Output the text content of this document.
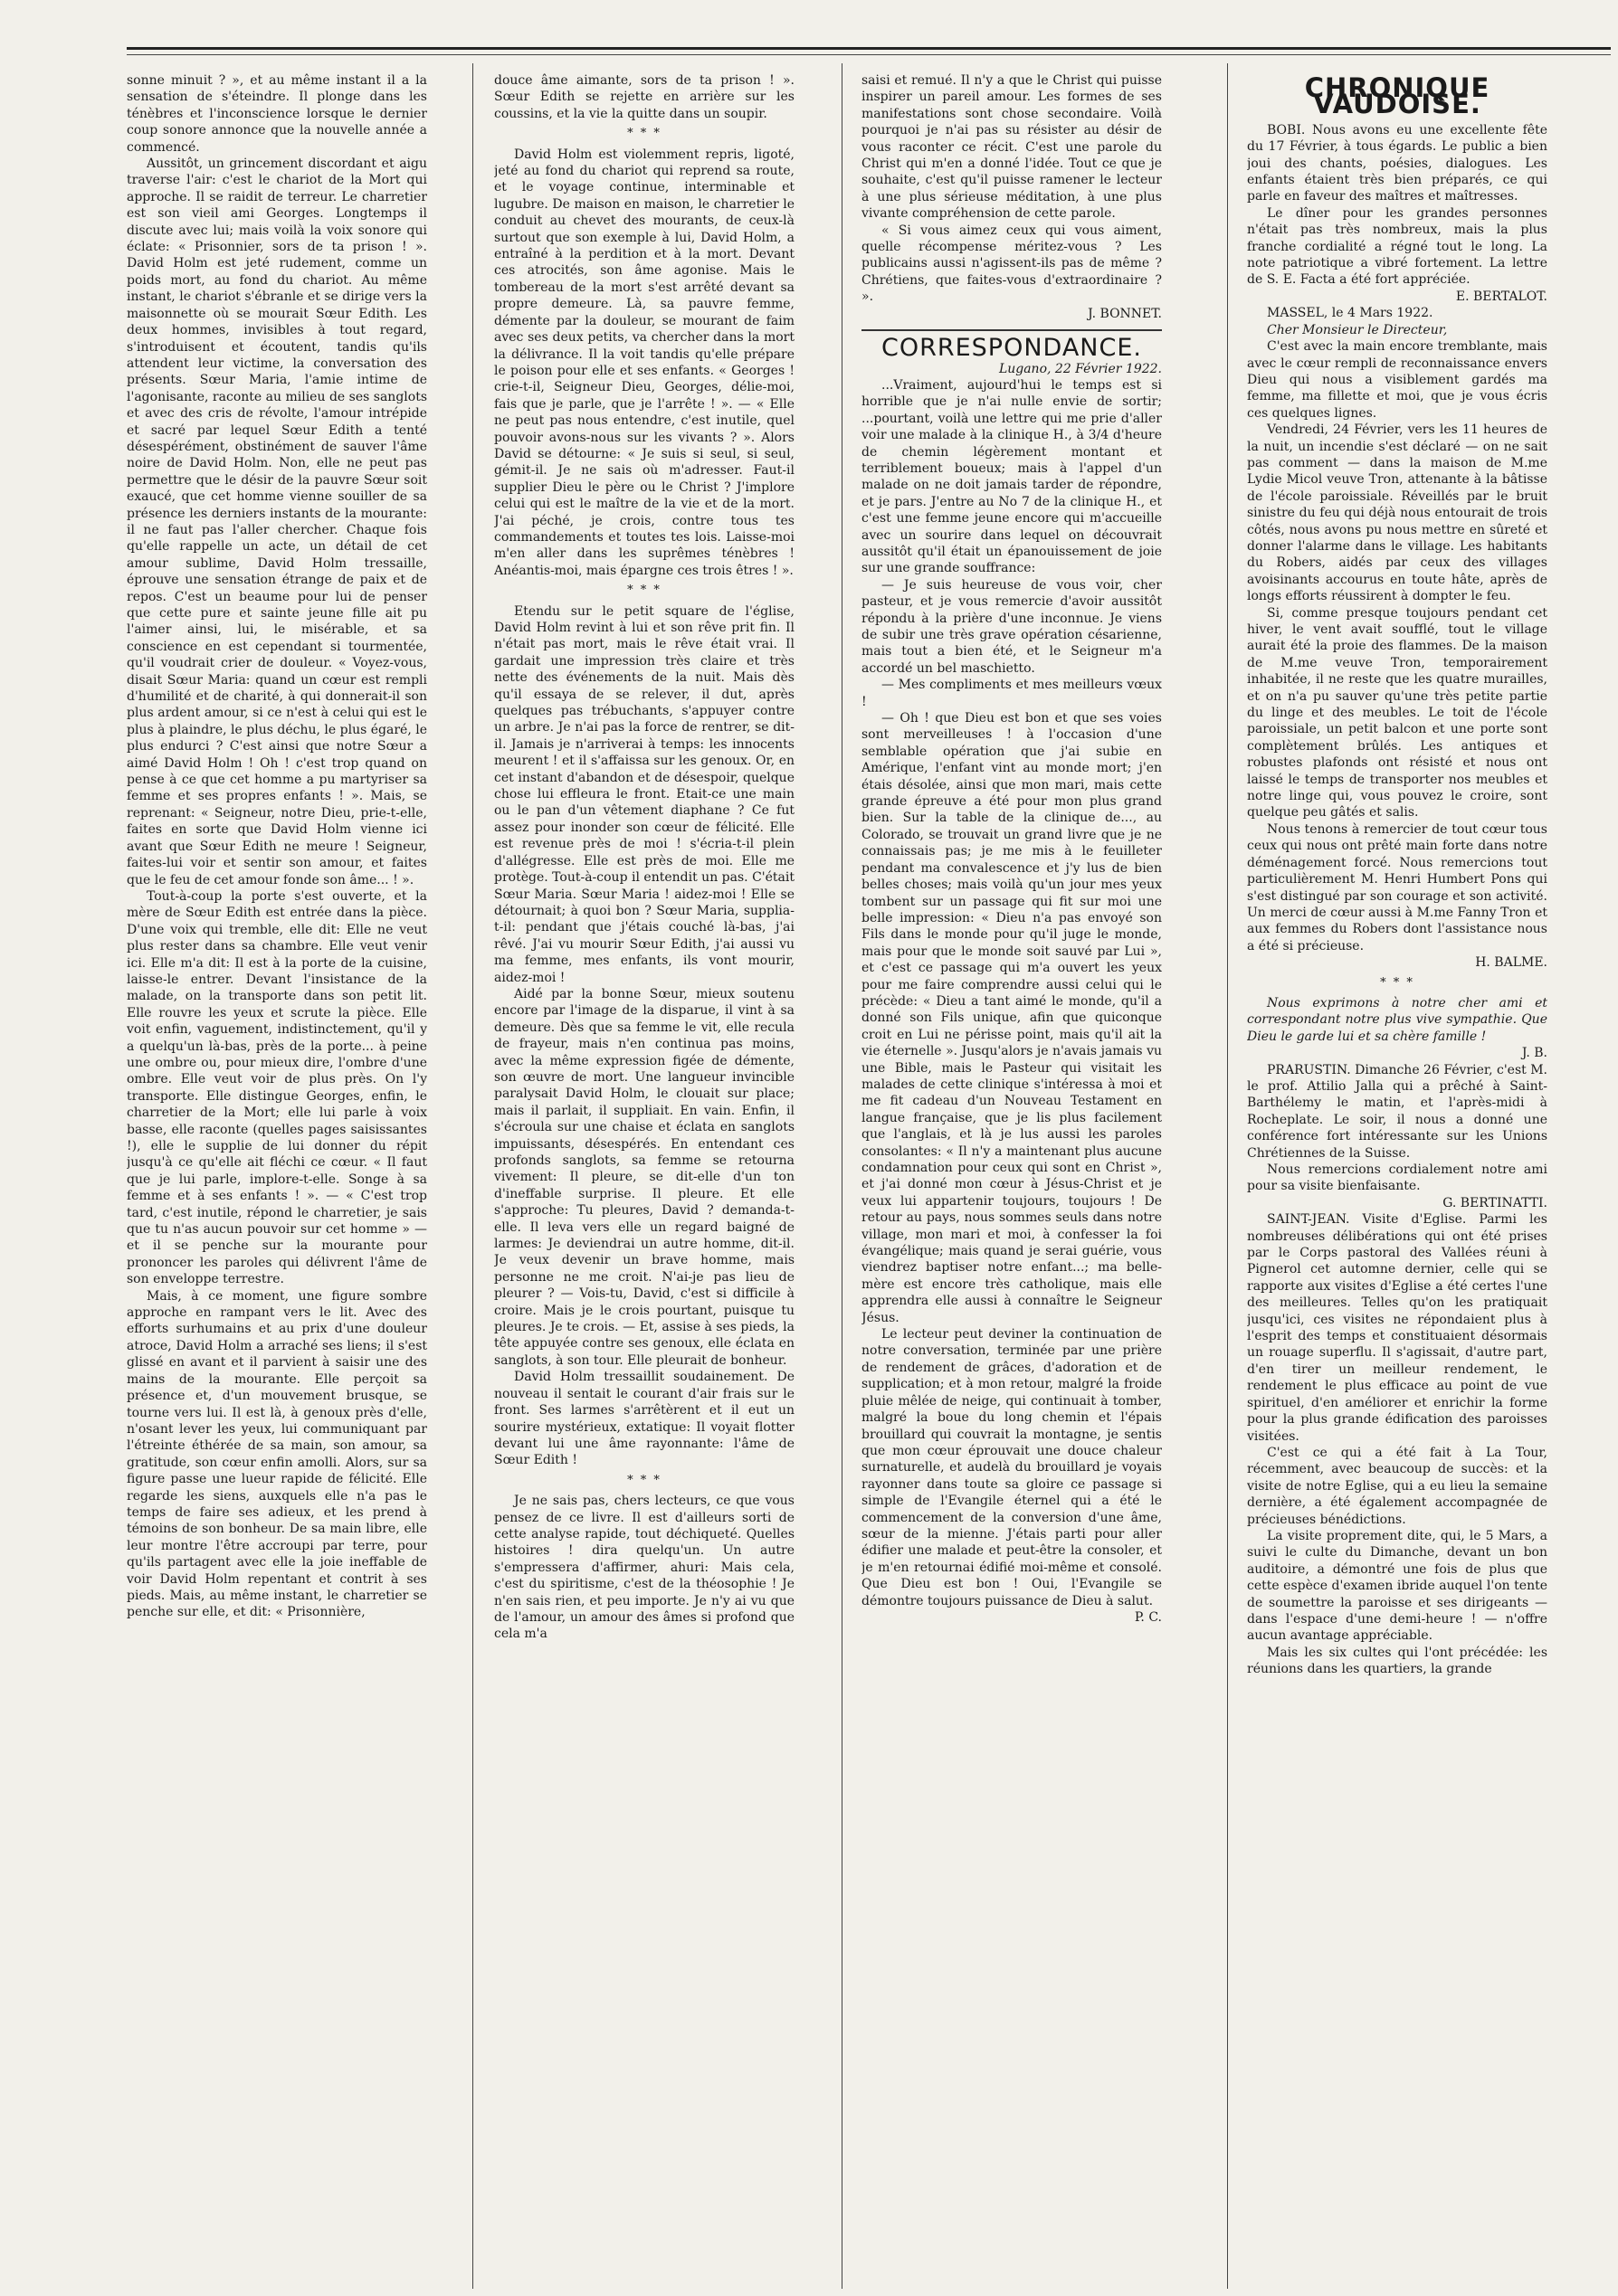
sonne minuit ? », et au même instant il a la sensation de s'éteindre. Il plonge dans les ténèbres et l'inconscience lorsque le dernier coup sonore annonce que la nouvelle année a commencé.

Aussitôt, un grincement discordant et aigu traverse l'air: c'est le chariot de la Mort qui approche. Il se raidit de terreur. Le charretier est son vieil ami Georges. Longtemps il discute avec lui; mais voilà la voix sonore qui éclate: « Prisonnier, sors de ta prison ! ». David Holm est jeté rudement, comme un poids mort, au fond du chariot. Au même instant, le chariot s'ébranle et se dirige vers la maisonnette où se mourait Sœur Edith. Les deux hommes, invisibles à tout regard, s'introduisent et écoutent, tandis qu'ils attendent leur victime, la conversation des présents. Sœur Maria, l'amie intime de l'agonisante, raconte au milieu de ses sanglots et avec des cris de révolte, l'amour intrépide et sacré par lequel Sœur Edith a tenté désespérément, obstinément de sauver l'âme noire de David Holm. Non, elle ne peut pas permettre que le désir de la pauvre Sœur soit exaucé, que cet homme vienne souiller de sa présence les derniers instants de la mourante: il ne faut pas l'aller chercher. Chaque fois qu'elle rappelle un acte, un détail de cet amour sublime, David Holm tressaille, éprouve une sensation étrange de paix et de repos. C'est un beaume pour lui de penser que cette pure et sainte jeune fille ait pu l'aimer ainsi, lui, le misérable, et sa conscience en est cependant si tourmentée, qu'il voudrait crier de douleur. « Voyez-vous, disait Sœur Maria: quand un cœur est rempli d'humilité et de charité, à qui donnerait-il son plus ardent amour, si ce n'est à celui qui est le plus à plaindre, le plus déchu, le plus égaré, le plus endurci ? C'est ainsi que notre Sœur a aimé David Holm ! Oh ! c'est trop quand on pense à ce que cet homme a pu martyriser sa femme et ses propres enfants ! ». Mais, se reprenant: « Seigneur, notre Dieu, prie-t-elle, faites en sorte que David Holm vienne ici avant que Sœur Edith ne meure ! Seigneur, faites-lui voir et sentir son amour, et faites que le feu de cet amour fonde son âme... ! ».

Tout-à-coup la porte s'est ouverte, et la mère de Sœur Edith est entrée dans la pièce. D'une voix qui tremble, elle dit: Elle ne veut plus rester dans sa chambre. Elle veut venir ici. Elle m'a dit: Il est à la porte de la cuisine, laisse-le entrer. Devant l'insistance de la malade, on la transporte dans son petit lit. Elle rouvre les yeux et scrute la pièce. Elle voit enfin, vaguement, indistinctement, qu'il y a quelqu'un là-bas, près de la porte... à peine une ombre ou, pour mieux dire, l'ombre d'une ombre. Elle veut voir de plus près. On l'y transporte. Elle distingue Georges, enfin, le charretier de la Mort; elle lui parle à voix basse, elle raconte (quelles pages saisissantes !), elle le supplie de lui donner du répit jusqu'à ce qu'elle ait fléchi ce cœur. « Il faut que je lui parle, implore-t-elle. Songe à sa femme et à ses enfants ! ». — « C'est trop tard, c'est inutile, répond le charretier, je sais que tu n'as aucun pouvoir sur cet homme » — et il se penche sur la mourante pour prononcer les paroles qui délivrent l'âme de son enveloppe terrestre.

Mais, à ce moment, une figure sombre approche en rampant vers le lit. Avec des efforts surhumains et au prix d'une douleur atroce, David Holm a arraché ses liens; il s'est glissé en avant et il parvient à saisir une des mains de la mourante. Elle perçoit sa présence et, d'un mouvement brusque, se tourne vers lui. Il est là, à genoux près d'elle, n'osant lever les yeux, lui communiquant par l'étreinte éthérée de sa main, son amour, sa gratitude, son cœur enfin amolli. Alors, sur sa figure passe une lueur rapide de félicité. Elle regarde les siens, auxquels elle n'a pas le temps de faire ses adieux, et les prend à témoins de son bonheur. De sa main libre, elle leur montre l'être accroupi par terre, pour qu'ils partagent avec elle la joie ineffable de voir David Holm repentant et contrit à ses pieds. Mais, au même instant, le charretier se penche sur elle, et dit: « Prisonnière,

douce âme aimante, sors de ta prison ! ». Sœur Edith se rejette en arrière sur les coussins, et la vie la quitte dans un soupir.

* * *

David Holm est violemment repris, ligoté, jeté au fond du chariot qui reprend sa route, et le voyage continue, interminable et lugubre. De maison en maison, le charretier le conduit au chevet des mourants, de ceux-là surtout que son exemple à lui, David Holm, a entraîné à la perdition et à la mort. Devant ces atrocités, son âme agonise. Mais le tombereau de la mort s'est arrêté devant sa propre demeure. Là, sa pauvre femme, démente par la douleur, se mourant de faim avec ses deux petits, va chercher dans la mort la délivrance. Il la voit tandis qu'elle prépare le poison pour elle et ses enfants. « Georges ! crie-t-il, Seigneur Dieu, Georges, délie-moi, fais que je parle, que je l'arrête ! ». — « Elle ne peut pas nous entendre, c'est inutile, quel pouvoir avons-nous sur les vivants ? ». Alors David se détourne: « Je suis si seul, si seul, gémit-il. Je ne sais où m'adresser. Faut-il supplier Dieu le père ou le Christ ? J'implore celui qui est le maître de la vie et de la mort. J'ai péché, je crois, contre tous tes commandements et toutes tes lois. Laisse-moi m'en aller dans les suprêmes ténèbres ! Anéantis-moi, mais épargne ces trois êtres ! ».

* * *

Etendu sur le petit square de l'église, David Holm revint à lui et son rêve prit fin. Il n'était pas mort, mais le rêve était vrai. Il gardait une impression très claire et très nette des événements de la nuit. Mais dès qu'il essaya de se relever, il dut, après quelques pas trébuchants, s'appuyer contre un arbre. Je n'ai pas la force de rentrer, se dit-il. Jamais je n'arriverai à temps: les innocents meurent ! et il s'affaissa sur les genoux. Or, en cet instant d'abandon et de désespoir, quelque chose lui effleura le front. Etait-ce une main ou le pan d'un vêtement diaphane ? Ce fut assez pour inonder son cœur de félicité. Elle est revenue près de moi ! s'écria-t-il plein d'allégresse. Elle est près de moi. Elle me protège. Tout-à-coup il entendit un pas. C'était Sœur Maria. Sœur Maria ! aidez-moi ! Elle se détournait; à quoi bon ? Sœur Maria, supplia-t-il: pendant que j'étais couché là-bas, j'ai rêvé. J'ai vu mourir Sœur Edith, j'ai aussi vu ma femme, mes enfants, ils vont mourir, aidez-moi !

Aidé par la bonne Sœur, mieux soutenu encore par l'image de la disparue, il vint à sa demeure. Dès que sa femme le vit, elle recula de frayeur, mais n'en continua pas moins, avec la même expression figée de démente, son œuvre de mort. Une langueur invincible paralysait David Holm, le clouait sur place; mais il parlait, il suppliait. En vain. Enfin, il s'écroula sur une chaise et éclata en sanglots impuissants, désespérés. En entendant ces profonds sanglots, sa femme se retourna vivement: Il pleure, se dit-elle d'un ton d'ineffable surprise. Il pleure. Et elle s'approche: Tu pleures, David ? demanda-t-elle. Il leva vers elle un regard baigné de larmes: Je deviendrai un autre homme, dit-il. Je veux devenir un brave homme, mais personne ne me croit. N'ai-je pas lieu de pleurer ? — Vois-tu, David, c'est si difficile à croire. Mais je le crois pourtant, puisque tu pleures. Je te crois. — Et, assise à ses pieds, la tête appuyée contre ses genoux, elle éclata en sanglots, à son tour. Elle pleurait de bonheur.

David Holm tressaillit soudainement. De nouveau il sentait le courant d'air frais sur le front. Ses larmes s'arrêtèrent et il eut un sourire mystérieux, extatique: Il voyait flotter devant lui une âme rayonnante: l'âme de Sœur Edith !

* * *

Je ne sais pas, chers lecteurs, ce que vous pensez de ce livre. Il est d'ailleurs sorti de cette analyse rapide, tout déchiqueté. Quelles histoires ! dira quelqu'un. Un autre s'empressera d'affirmer, ahuri: Mais cela, c'est du spiritisme, c'est de la théosophie ! Je n'en sais rien, et peu importe. Je n'y ai vu que de l'amour, un amour des âmes si profond que cela m'a

saisi et remué. Il n'y a que le Christ qui puisse inspirer un pareil amour. Les formes de ses manifestations sont chose secondaire. Voilà pourquoi je n'ai pas su résister au désir de vous raconter ce récit. C'est une parole du Christ qui m'en a donné l'idée. Tout ce que je souhaite, c'est qu'il puisse ramener le lecteur à une plus sérieuse méditation, à une plus vivante compréhension de cette parole.

« Si vous aimez ceux qui vous aiment, quelle récompense méritez-vous ? Les publicains aussi n'agissent-ils pas de même ? Chrétiens, que faites-vous d'extraordinaire ? ».

J. BONNET.

CORRESPONDANCE.

Lugano, 22 Février 1922.

...Vraiment, aujourd'hui le temps est si horrible que je n'ai nulle envie de sortir; ...pourtant, voilà une lettre qui me prie d'aller voir une malade à la clinique H., à 3/4 d'heure de chemin légèrement montant et terriblement boueux; mais à l'appel d'un malade on ne doit jamais tarder de répondre, et je pars. J'entre au No 7 de la clinique H., et c'est une femme jeune encore qui m'accueille avec un sourire dans lequel on découvrait aussitôt qu'il était un épanouissement de joie sur une grande souffrance:

— Je suis heureuse de vous voir, cher pasteur, et je vous remercie d'avoir aussitôt répondu à la prière d'une inconnue. Je viens de subir une très grave opération césarienne, mais tout a bien été, et le Seigneur m'a accordé un bel maschietto.

— Mes compliments et mes meilleurs vœux !

— Oh ! que Dieu est bon et que ses voies sont merveilleuses ! à l'occasion d'une semblable opération que j'ai subie en Amérique, l'enfant vint au monde mort; j'en étais désolée, ainsi que mon mari, mais cette grande épreuve a été pour mon plus grand bien. Sur la table de la clinique de..., au Colorado, se trouvait un grand livre que je ne connaissais pas; je me mis à le feuilleter pendant ma convalescence et j'y lus de bien belles choses; mais voilà qu'un jour mes yeux tombent sur un passage qui fit sur moi une belle impression: « Dieu n'a pas envoyé son Fils dans le monde pour qu'il juge le monde, mais pour que le monde soit sauvé par Lui », et c'est ce passage qui m'a ouvert les yeux pour me faire comprendre aussi celui qui le précède: « Dieu a tant aimé le monde, qu'il a donné son Fils unique, afin que quiconque croit en Lui ne périsse point, mais qu'il ait la vie éternelle ». Jusqu'alors je n'avais jamais vu une Bible, mais le Pasteur qui visitait les malades de cette clinique s'intéressa à moi et me fit cadeau d'un Nouveau Testament en langue française, que je lis plus facilement que l'anglais, et là je lus aussi les paroles consolantes: « Il n'y a maintenant plus aucune condamnation pour ceux qui sont en Christ », et j'ai donné mon cœur à Jésus-Christ et je veux lui appartenir toujours, toujours ! De retour au pays, nous sommes seuls dans notre village, mon mari et moi, à confesser la foi évangélique; mais quand je serai guérie, vous viendrez baptiser notre enfant...; ma belle-mère est encore très catholique, mais elle apprendra elle aussi à connaître le Seigneur Jésus.

Le lecteur peut deviner la continuation de notre conversation, terminée par une prière de rendement de grâces, d'adoration et de supplication; et à mon retour, malgré la froide pluie mêlée de neige, qui continuait à tomber, malgré la boue du long chemin et l'épais brouillard qui couvrait la montagne, je sentis que mon cœur éprouvait une douce chaleur surnaturelle, et audelà du brouillard je voyais rayonner dans toute sa gloire ce passage si simple de l'Evangile éternel qui a été le commencement de la conversion d'une âme, sœur de la mienne. J'étais parti pour aller édifier une malade et peut-être la consoler, et je m'en retournai édifié moi-même et consolé. Que Dieu est bon ! Oui, l'Evangile se démontre toujours puissance de Dieu à salut.

P. C.

CHRONIQUE VAUDOISE.

BOBI. Nous avons eu une excellente fête du 17 Février, à tous égards. Le public a bien joui des chants, poésies, dialogues. Les enfants étaient très bien préparés, ce qui parle en faveur des maîtres et maîtresses.

Le dîner pour les grandes personnes n'était pas très nombreux, mais la plus franche cordialité a régné tout le long. La note patriotique a vibré fortement. La lettre de S. E. Facta a été fort appréciée.

E. BERTALOT.

MASSEL, le 4 Mars 1922.

Cher Monsieur le Directeur,

C'est avec la main encore tremblante, mais avec le cœur rempli de reconnaissance envers Dieu qui nous a visiblement gardés ma femme, ma fillette et moi, que je vous écris ces quelques lignes.

Vendredi, 24 Février, vers les 11 heures de la nuit, un incendie s'est déclaré — on ne sait pas comment — dans la maison de M.me Lydie Micol veuve Tron, attenante à la bâtisse de l'école paroissiale. Réveillés par le bruit sinistre du feu qui déjà nous entourait de trois côtés, nous avons pu nous mettre en sûreté et donner l'alarme dans le village. Les habitants du Robers, aidés par ceux des villages avoisinants accourus en toute hâte, après de longs efforts réussirent à dompter le feu.

Si, comme presque toujours pendant cet hiver, le vent avait soufflé, tout le village aurait été la proie des flammes. De la maison de M.me veuve Tron, temporairement inhabitée, il ne reste que les quatre murailles, et on n'a pu sauver qu'une très petite partie du linge et des meubles. Le toit de l'école paroissiale, un petit balcon et une porte sont complètement brûlés. Les antiques et robustes plafonds ont résisté et nous ont laissé le temps de transporter nos meubles et notre linge qui, vous pouvez le croire, sont quelque peu gâtés et salis.

Nous tenons à remercier de tout cœur tous ceux qui nous ont prêté main forte dans notre déménagement forcé. Nous remercions tout particulièrement M. Henri Humbert Pons qui s'est distingué par son courage et son activité. Un merci de cœur aussi à M.me Fanny Tron et aux femmes du Robers dont l'assistance nous a été si précieuse.

H. BALME.

* * *

Nous exprimons à notre cher ami et correspondant notre plus vive sympathie. Que Dieu le garde lui et sa chère famille !

J. B.

PRARUSTIN. Dimanche 26 Février, c'est M. le prof. Attilio Jalla qui a prêché à Saint-Barthélemy le matin, et l'après-midi à Rocheplate. Le soir, il nous a donné une conférence fort intéressante sur les Unions Chrétiennes de la Suisse.

Nous remercions cordialement notre ami pour sa visite bienfaisante.

G. BERTINATTI.

SAINT-JEAN. Visite d'Eglise. Parmi les nombreuses délibérations qui ont été prises par le Corps pastoral des Vallées réuni à Pignerol cet automne dernier, celle qui se rapporte aux visites d'Eglise a été certes l'une des meilleures. Telles qu'on les pratiquait jusqu'ici, ces visites ne répondaient plus à l'esprit des temps et constituaient désormais un rouage superflu. Il s'agissait, d'autre part, d'en tirer un meilleur rendement, le rendement le plus efficace au point de vue spirituel, d'en améliorer et enrichir la forme pour la plus grande édification des paroisses visitées.

C'est ce qui a été fait à La Tour, récemment, avec beaucoup de succès: et la visite de notre Eglise, qui a eu lieu la semaine dernière, a été également accompagnée de précieuses bénédictions.

La visite proprement dite, qui, le 5 Mars, a suivi le culte du Dimanche, devant un bon auditoire, a démontré une fois de plus que cette espèce d'examen ibride auquel l'on tente de soumettre la paroisse et ses dirigeants — dans l'espace d'une demi-heure ! — n'offre aucun avantage appréciable.

Mais les six cultes qui l'ont précédée: les réunions dans les quartiers, la grande
